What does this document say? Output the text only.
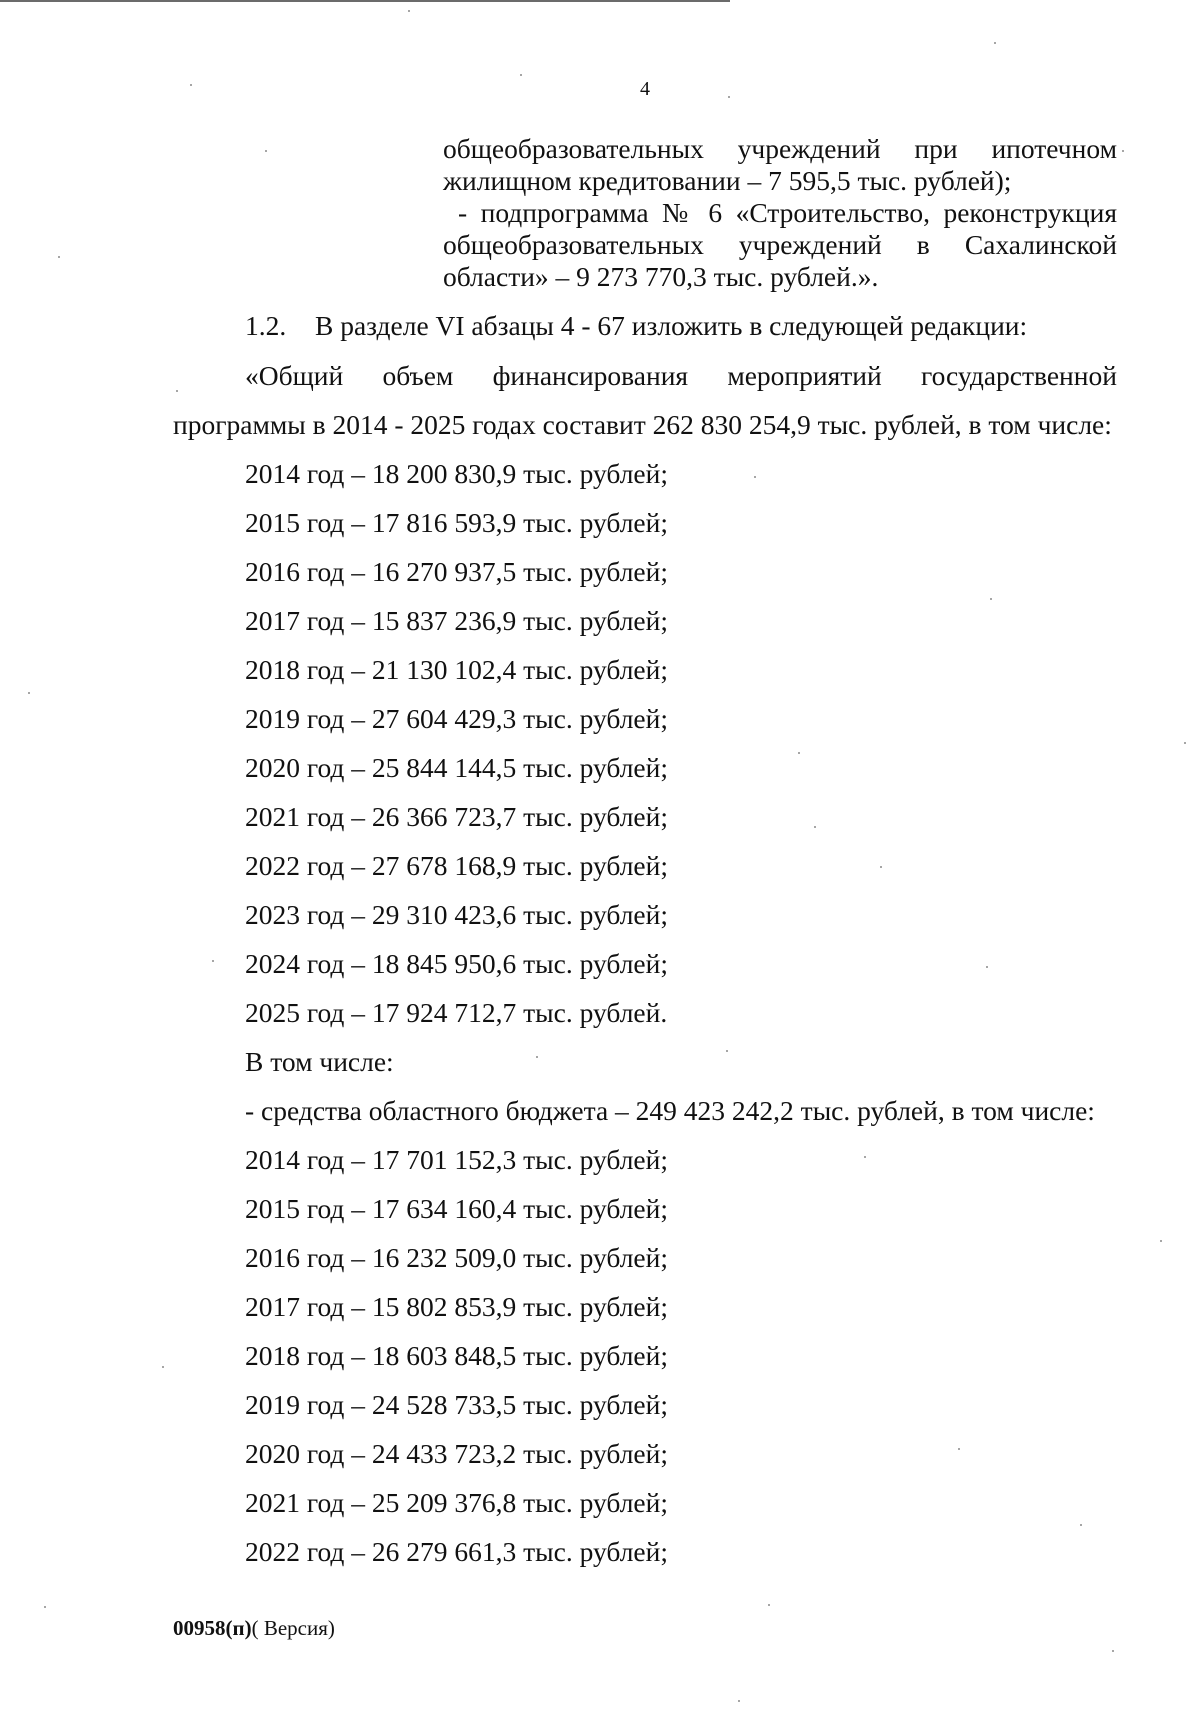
4

общеобразовательных учреждений при ипотечном жилищном кредитовании – 7 595,5 тыс. рублей);

- подпрограмма № 6 «Строительство, реконструкция общеобразовательных учреждений в Сахалинской области» – 9 273 770,3 тыс. рублей.».

1.2. В разделе VI абзацы 4 - 67 изложить в следующей редакции:
«Общий объем финансирования мероприятий государственной
программы в 2014 - 2025 годах составит 262 830 254,9 тыс. рублей, в том числе:
2014 год – 18 200 830,9 тыс. рублей;
2015 год – 17 816 593,9 тыс. рублей;
2016 год – 16 270 937,5 тыс. рублей;
2017 год – 15 837 236,9 тыс. рублей;
2018 год – 21 130 102,4 тыс. рублей;
2019 год – 27 604 429,3 тыс. рублей;
2020 год – 25 844 144,5 тыс. рублей;
2021 год – 26 366 723,7 тыс. рублей;
2022 год – 27 678 168,9 тыс. рублей;
2023 год – 29 310 423,6 тыс. рублей;
2024 год – 18 845 950,6 тыс. рублей;
2025 год – 17 924 712,7 тыс. рублей.
В том числе:
- средства областного бюджета – 249 423 242,2 тыс. рублей, в том числе:
2014 год – 17 701 152,3 тыс. рублей;
2015 год – 17 634 160,4 тыс. рублей;
2016 год – 16 232 509,0 тыс. рублей;
2017 год – 15 802 853,9 тыс. рублей;
2018 год – 18 603 848,5 тыс. рублей;
2019 год – 24 528 733,5 тыс. рублей;
2020 год – 24 433 723,2 тыс. рублей;
2021 год – 25 209 376,8 тыс. рублей;
2022 год – 26 279 661,3 тыс. рублей;
00958(п)( Версия)
